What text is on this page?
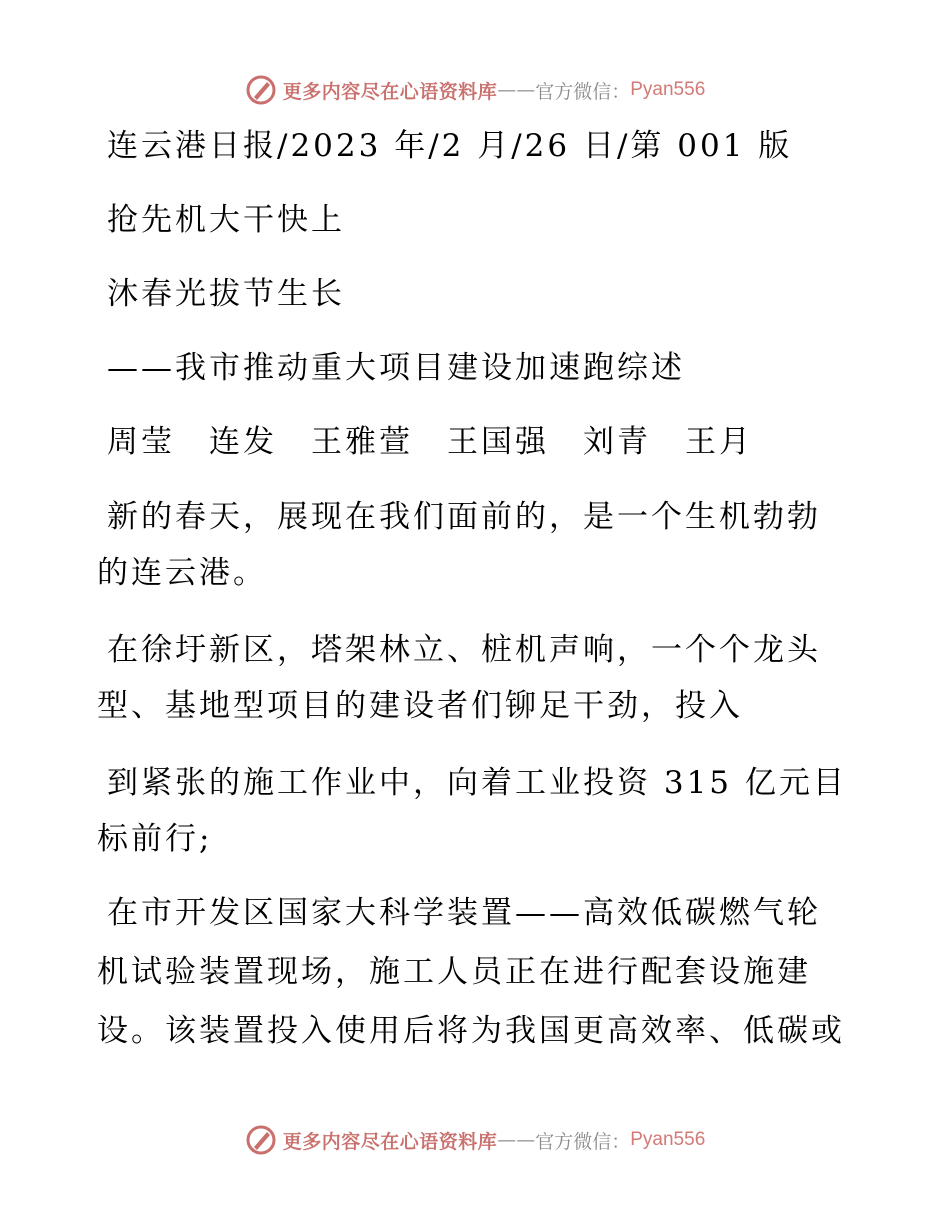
更多内容尽在心语资料库 —— 官方微信： Pyan556
连云港日报/2023 年/2 月/26 日/第 001 版
抢先机大干快上
沐春光拔节生长
——我市推动重大项目建设加速跑综述
周莹　连发　王雅萱　王国强　刘青　王月
新的春天，展现在我们面前的，是一个生机勃勃
的连云港。
在徐圩新区，塔架林立、桩机声响，一个个龙头
型、基地型项目的建设者们铆足干劲，投入
到紧张的施工作业中，向着工业投资 315 亿元目
标前行;
在市开发区国家大科学装置——高效低碳燃气轮
机试验装置现场，施工人员正在进行配套设施建
设。该装置投入使用后将为我国更高效率、低碳或
更多内容尽在心语资料库 —— 官方微信： Pyan556
